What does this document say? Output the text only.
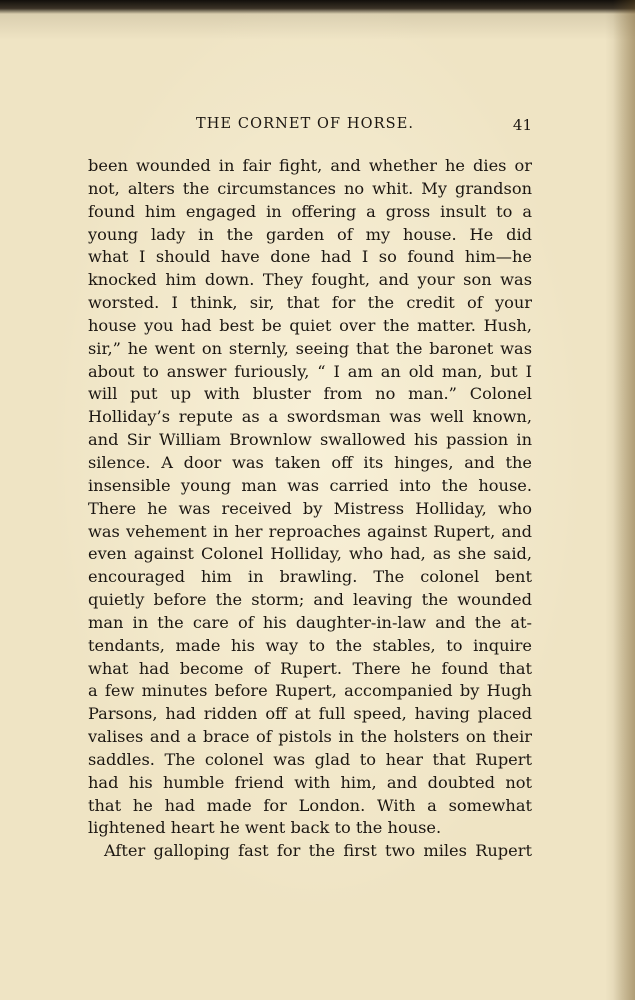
THE CORNET OF HORSE.	41
been wounded in fair fight, and whether he dies or
not, alters the circumstances no whit. My grandson
found him engaged in offering a gross insult to a
young lady in the garden of my house. He did
what I should have done had I so found him—he
knocked him down. They fought, and your son was
worsted. I think, sir, that for the credit of your
house you had best be quiet over the matter. Hush,
sir,” he went on sternly, seeing that the baronet was
about to answer furiously, “ I am an old man, but I
will put up with bluster from no man.” Colonel
Holliday’s repute as a swordsman was well known,
and Sir William Brownlow swallowed his passion in
silence. A door was taken off its hinges, and the
insensible young man was carried into the house.
There he was received by Mistress Holliday, who
was vehement in her reproaches against Rupert, and
even against Colonel Holliday, who had, as she said,
encouraged him in brawling. The colonel bent
quietly before the storm; and leaving the wounded
man in the care of his daughter-in-law and the at-
tendants, made his way to the stables, to inquire
what had become of Rupert. There he found that
a few minutes before Rupert, accompanied by Hugh
Parsons, had ridden off at full speed, having placed
valises and a brace of pistols in the holsters on their
saddles. The colonel was glad to hear that Rupert
had his humble friend with him, and doubted not
that he had made for London. With a somewhat
lightened heart he went back to the house.
After galloping fast for the first two miles Rupert
